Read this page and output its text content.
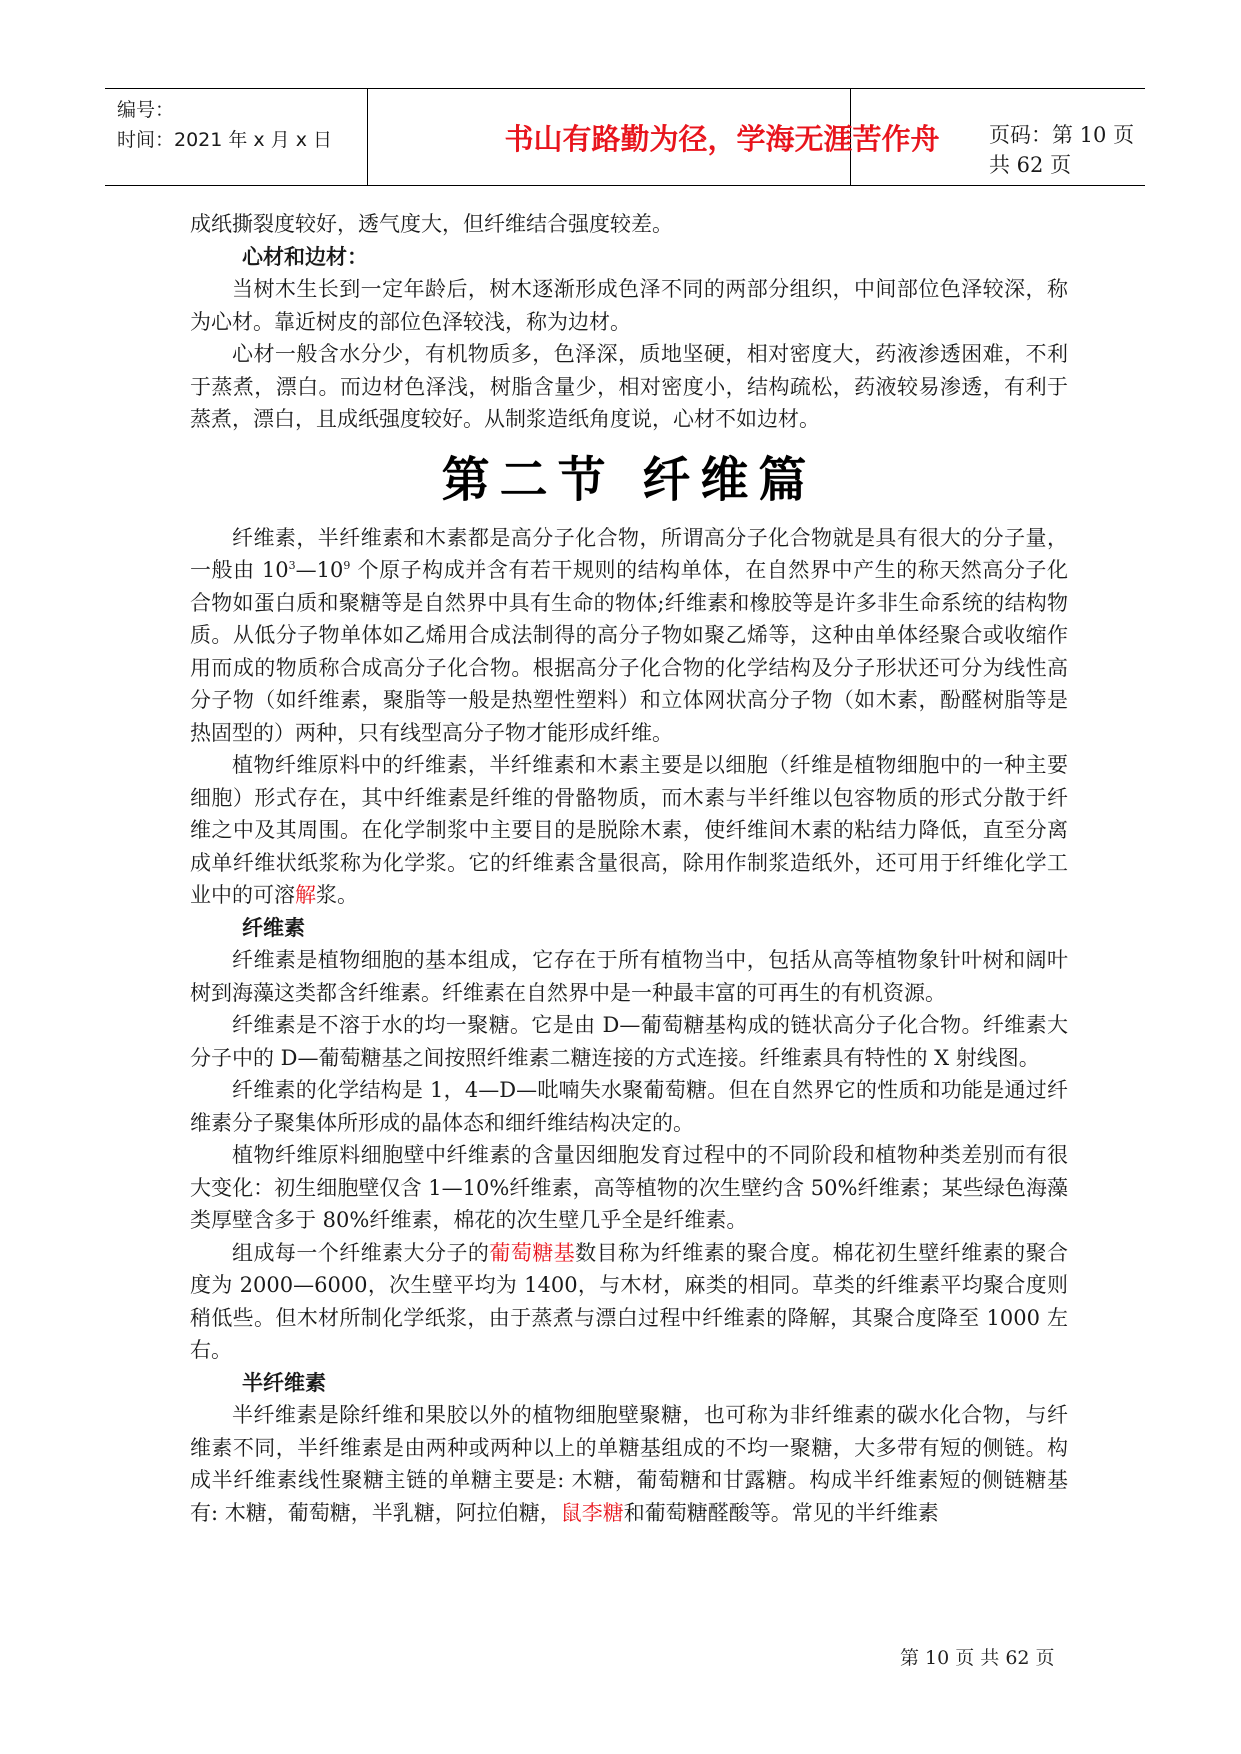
编号：
时间：2021 年 x 月 x 日	书山有路勤为径，学海无涯苦作舟	页码：第 10 页 共 62 页

成纸撕裂度较好，透气度大，但纤维结合强度较差。

心材和边材：

当树木生长到一定年龄后，树木逐渐形成色泽不同的两部分组织，中间部位色泽较深，称为心材。靠近树皮的部位色泽较浅，称为边材。

心材一般含水分少，有机物质多，色泽深，质地坚硬，相对密度大，药液渗透困难，不利于蒸煮，漂白。而边材色泽浅，树脂含量少，相对密度小，结构疏松，药液较易渗透，有利于蒸煮，漂白，且成纸强度较好。从制浆造纸角度说，心材不如边材。

第二节 纤维篇

纤维素，半纤维素和木素都是高分子化合物，所谓高分子化合物就是具有很大的分子量，一般由 $10^3—10^9$ 个原子构成并含有若干规则的结构单体，在自然界中产生的称天然高分子化合物如蛋白质和聚糖等是自然界中具有生命的物体;纤维素和橡胶等是许多非生命系统的结构物质。从低分子物单体如乙烯用合成法制得的高分子物如聚乙烯等，这种由单体经聚合或收缩作用而成的物质称合成高分子化合物。根据高分子化合物的化学结构及分子形状还可分为线性高分子物（如纤维素，聚脂等一般是热塑性塑料）和立体网状高分子物（如木素，酚醛树脂等是热固型的）两种，只有线型高分子物才能形成纤维。

植物纤维原料中的纤维素，半纤维素和木素主要是以细胞（纤维是植物细胞中的一种主要细胞）形式存在，其中纤维素是纤维的骨骼物质，而木素与半纤维以包容物质的形式分散于纤维之中及其周围。在化学制浆中主要目的是脱除木素，使纤维间木素的粘结力降低，直至分离成单纤维状纸浆称为化学浆。它的纤维素含量很高，除用作制浆造纸外，还可用于纤维化学工业中的可溶解浆。

纤维素

纤维素是植物细胞的基本组成，它存在于所有植物当中，包括从高等植物象针叶树和阔叶树到海藻这类都含纤维素。纤维素在自然界中是一种最丰富的可再生的有机资源。

纤维素是不溶于水的均一聚糖。它是由 D—葡萄糖基构成的链状高分子化合物。纤维素大分子中的 D—葡萄糖基之间按照纤维素二糖连接的方式连接。纤维素具有特性的 X 射线图。

纤维素的化学结构是 1，4—D—吡喃失水聚葡萄糖。但在自然界它的性质和功能是通过纤维素分子聚集体所形成的晶体态和细纤维结构决定的。

植物纤维原料细胞壁中纤维素的含量因细胞发育过程中的不同阶段和植物种类差别而有很大变化：初生细胞壁仅含 1—10%纤维素，高等植物的次生壁约含 50%纤维素；某些绿色海藻类厚壁含多于 80%纤维素，棉花的次生壁几乎全是纤维素。

组成每一个纤维素大分子的葡萄糖基数目称为纤维素的聚合度。棉花初生壁纤维素的聚合度为 2000—6000，次生壁平均为 1400，与木材，麻类的相同。草类的纤维素平均聚合度则稍低些。但木材所制化学纸浆，由于蒸煮与漂白过程中纤维素的降解，其聚合度降至 1000 左右。

半纤维素

半纤维素是除纤维和果胶以外的植物细胞壁聚糖，也可称为非纤维素的碳水化合物，与纤维素不同，半纤维素是由两种或两种以上的单糖基组成的不均一聚糖，大多带有短的侧链。构成半纤维素线性聚糖主链的单糖主要是: 木糖，葡萄糖和甘露糖。构成半纤维素短的侧链糖基有: 木糖，葡萄糖，半乳糖，阿拉伯糖，鼠李糖和葡萄糖醛酸等。常见的半纤维素

第 10 页 共 62 页
